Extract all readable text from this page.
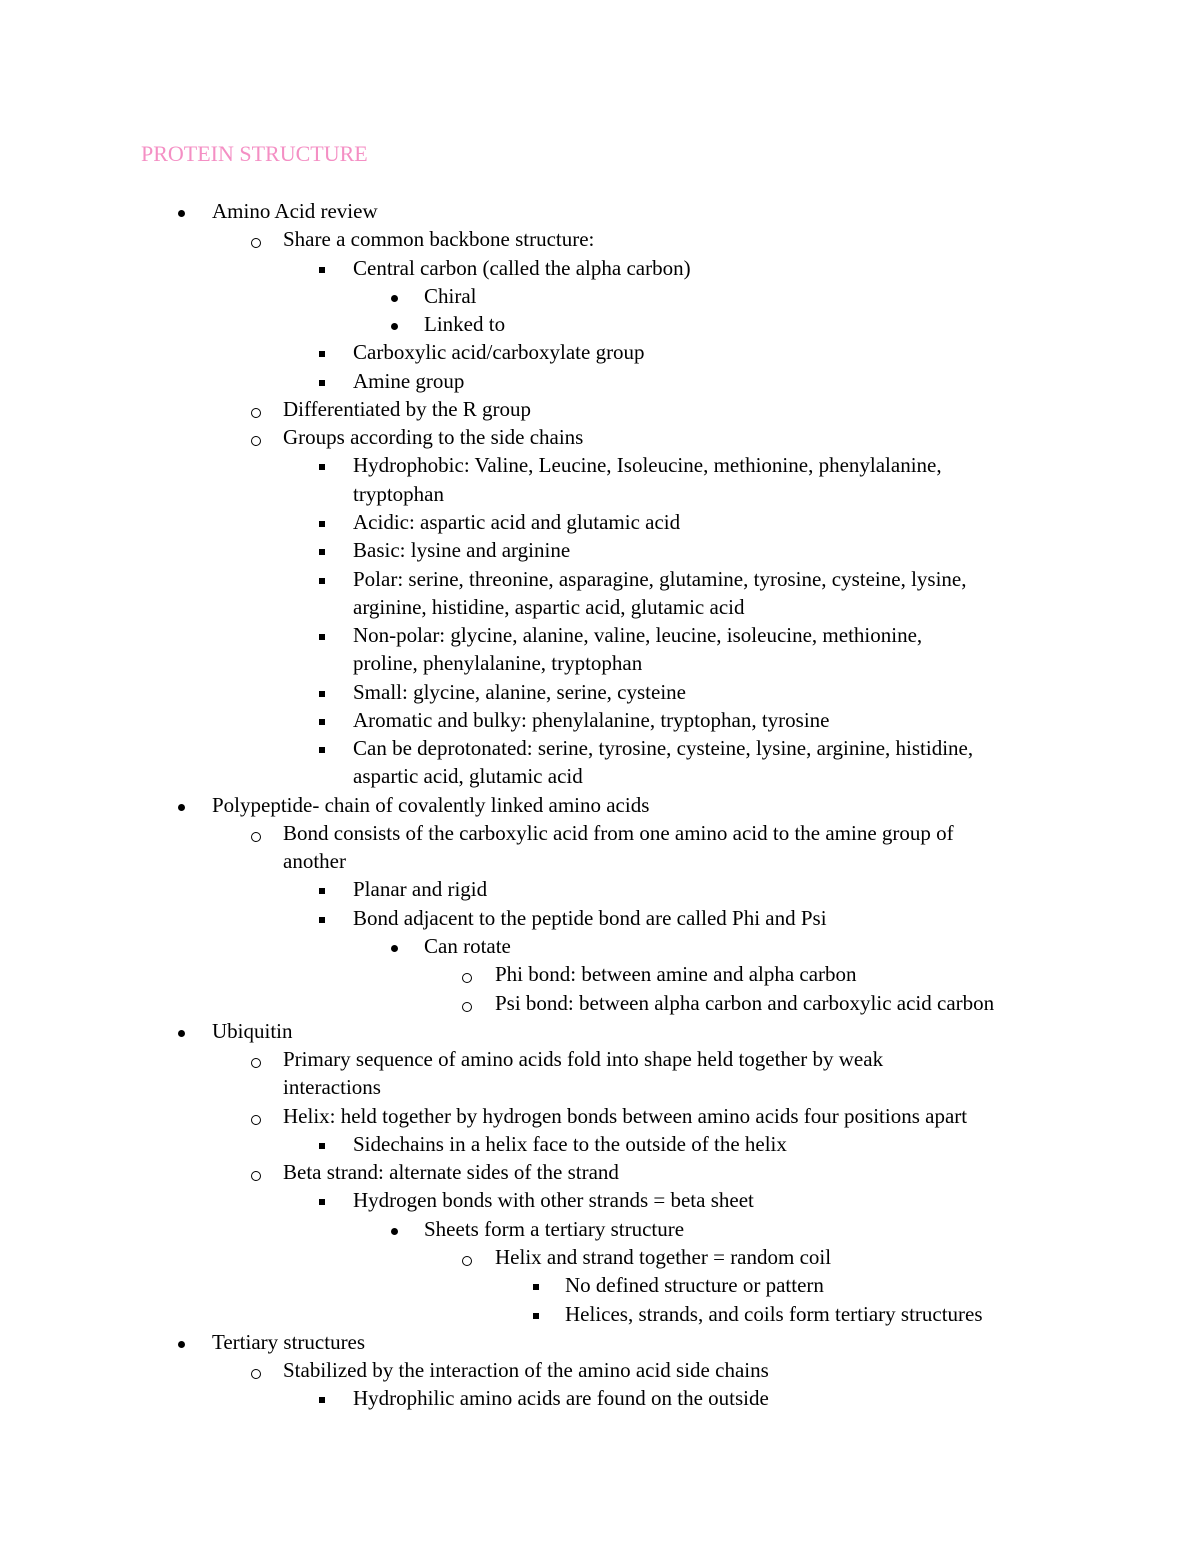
PROTEIN STRUCTURE
Amino Acid review
Share a common backbone structure:
Central carbon (called the alpha carbon)
Chiral
Linked to
Carboxylic acid/carboxylate group
Amine group
Differentiated by the R group
Groups according to the side chains
Hydrophobic: Valine, Leucine, Isoleucine, methionine, phenylalanine,
tryptophan
Acidic: aspartic acid and glutamic acid
Basic: lysine and arginine
Polar: serine, threonine, asparagine, glutamine, tyrosine, cysteine, lysine,
arginine, histidine, aspartic acid, glutamic acid
Non-polar: glycine, alanine, valine, leucine, isoleucine, methionine,
proline, phenylalanine, tryptophan
Small: glycine, alanine, serine, cysteine
Aromatic and bulky: phenylalanine, tryptophan, tyrosine
Can be deprotonated: serine, tyrosine, cysteine, lysine, arginine, histidine,
aspartic acid, glutamic acid
Polypeptide- chain of covalently linked amino acids
Bond consists of the carboxylic acid from one amino acid to the amine group of
another
Planar and rigid
Bond adjacent to the peptide bond are called Phi and Psi
Can rotate
Phi bond: between amine and alpha carbon
Psi bond: between alpha carbon and carboxylic acid carbon
Ubiquitin
Primary sequence of amino acids fold into shape held together by weak
interactions
Helix: held together by hydrogen bonds between amino acids four positions apart
Sidechains in a helix face to the outside of the helix
Beta strand: alternate sides of the strand
Hydrogen bonds with other strands = beta sheet
Sheets form a tertiary structure
Helix and strand together = random coil
No defined structure or pattern
Helices, strands, and coils form tertiary structures
Tertiary structures
Stabilized by the interaction of the amino acid side chains
Hydrophilic amino acids are found on the outside
